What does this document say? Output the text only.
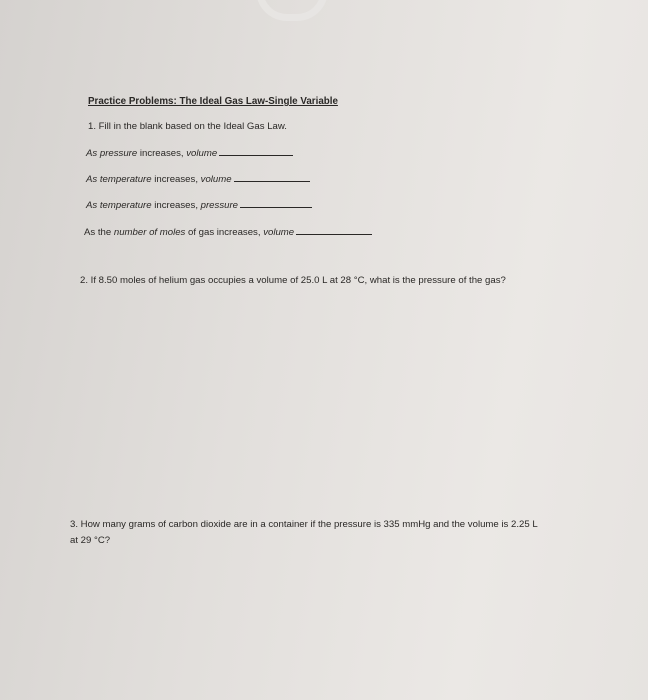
Practice Problems: The Ideal Gas Law-Single Variable
1. Fill in the blank based on the Ideal Gas Law.
As pressure increases, volume
As temperature increases, volume
As temperature increases, pressure
As the number of moles of gas increases, volume
2. If 8.50 moles of helium gas occupies a volume of 25.0 L at 28 °C, what is the pressure of the gas?
3. How many grams of carbon dioxide are in a container if the pressure is 335 mmHg and the volume is 2.25 L at 29 °C?
